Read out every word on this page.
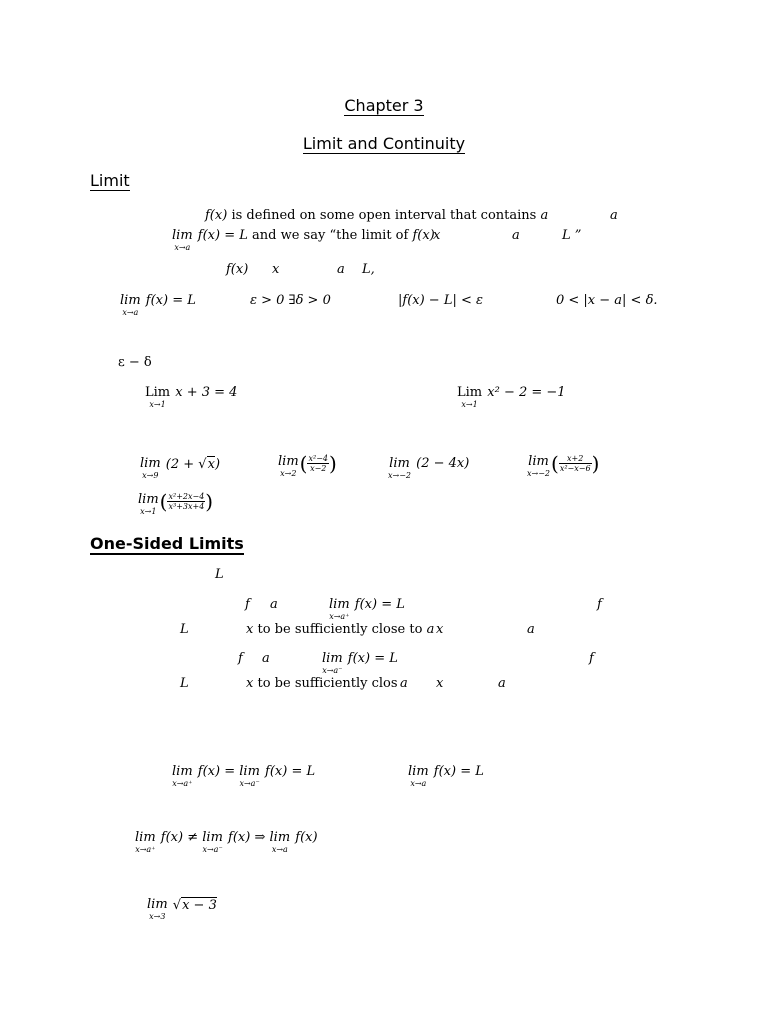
Chapter 3
Limit and Continuity
Limit
f(x) is defined on some open interval that contains a	a
lim
x→a
f(x) = L and we say “the limit of f(x)
x	a	L ”
f(x) x	a L,
lim
x→a
f(x) = L	ε > 0 ∃δ > 0	|f(x) − L| < ε	0 < |x − a| < δ.
ε − δ
Lim
x→1
x + 3 = 4	Lim
x→1
x² − 2 = −1
lim
x→9
(2 + √x)	lim
x→2 ( $\frac{\text{x²−4}}{x-2}$ )	lim
x→−2
(2 − 4x)	lim
x→−2 ( $\frac{x+2}{\text{x²−x−6}}$ )
lim
x→1 ( $\frac{\text{x²+2x−4}}{\text{x³+3x+4}}$ )
One-Sided Limits
L
f a	lim
x→a⁺
f(x) = L	f
L	x to be sufficiently close to a x	a
f a	lim
x→a⁻
f(x) = L	f
L	x to be sufficiently clos a x	a
lim
x→a⁺
f(x) = lim
x→a⁻
f(x) = L	lim
x→a
f(x) = L
lim
x→a⁺
f(x) ≠ lim
x→a⁻
f(x) ⇒ lim
x→a
f(x)
lim
x→3
√x − 3
